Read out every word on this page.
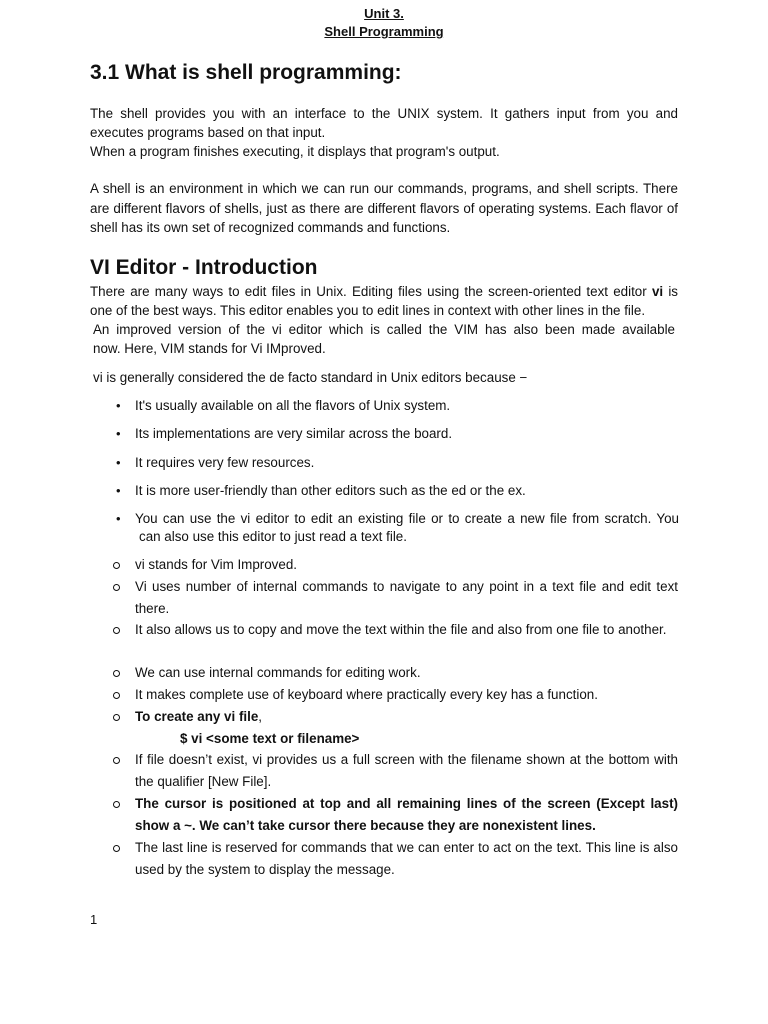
Unit 3.
Shell Programming
3.1 What is shell programming:
The shell provides you with an interface to the UNIX system. It gathers input from you and
executes programs based on that input.
When a program finishes executing, it displays that program's output.
A shell is an environment in which we can run our commands, programs, and shell scripts. There are different flavors of shells, just as there are different flavors of operating systems. Each flavor of shell has its own set of recognized commands and functions.
VI Editor - Introduction
There are many ways to edit files in Unix. Editing files using the screen-oriented text editor vi is
one of the best ways. This editor enables you to edit lines in context with other lines in the file.
An improved version of the vi editor which is called the VIM has also been made available
now. Here, VIM stands for Vi IMproved.
vi is generally considered the de facto standard in Unix editors because −
• It's usually available on all the flavors of Unix system.
• Its implementations are very similar across the board.
• It requires very few resources.
• It is more user-friendly than other editors such as the ed or the ex.
• You can use the vi editor to edit an existing file or to create a new file from scratch. You
can also use this editor to just read a text file.
vi stands for Vim Improved.
Vi uses number of internal commands to navigate to any point in a text file and edit text there.
It also allows us to copy and move the text within the file and also from one file to another.
We can use internal commands for editing work.
It makes complete use of keyboard where practically every key has a function.
To create any vi file,
$ vi <some text or filename>
If file doesn’t exist, vi provides us a full screen with the filename shown at the bottom with the qualifier [New File].
The cursor is positioned at top and all remaining lines of the screen (Except last) show a ~. We can’t take cursor there because they are nonexistent lines.
The last line is reserved for commands that we can enter to act on the text. This line is also used by the system to display the message.
1
